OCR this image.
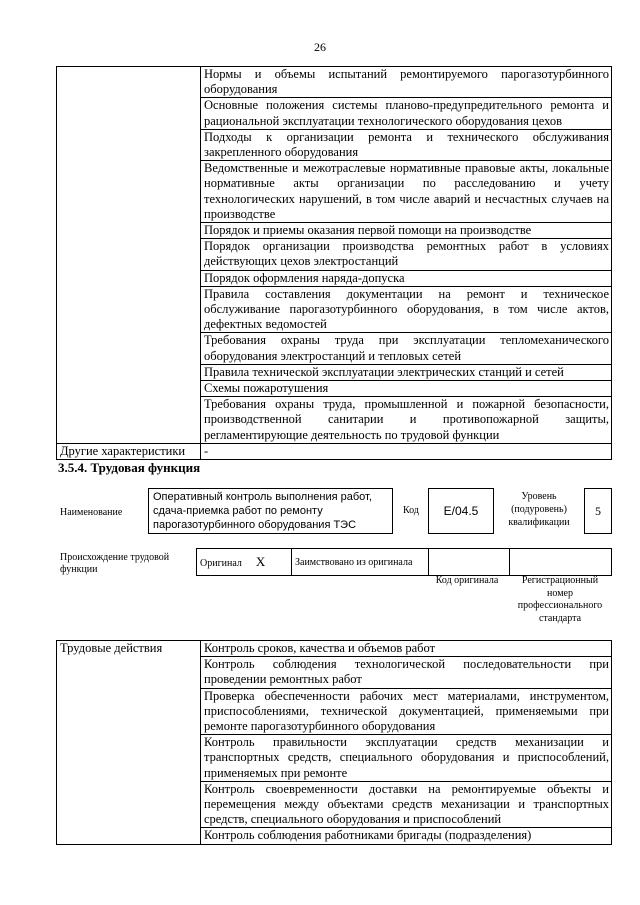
26
	Нормы и объемы испытаний ремонтируемого парогазотурбинного оборудования
	Основные положения системы планово-предупредительного ремонта и рациональной эксплуатации технологического оборудования цехов
	Подходы к организации ремонта и технического обслуживания закрепленного оборудования
	Ведомственные и межотраслевые нормативные правовые акты, локальные нормативные акты организации по расследованию и учету технологических нарушений, в том числе аварий и несчастных случаев на производстве
	Порядок и приемы оказания первой помощи на производстве
	Порядок организации производства ремонтных работ в условиях действующих цехов электростанций
	Порядок оформления наряда-допуска
	Правила составления документации на ремонт и техническое обслуживание парогазотурбинного оборудования, в том числе актов, дефектных ведомостей
	Требования охраны труда при эксплуатации тепломеханического оборудования электростанций и тепловых сетей
	Правила технической эксплуатации электрических станций и сетей
	Схемы пожаротушения
	Требования охраны труда, промышленной и пожарной безопасности, производственной санитарии и противопожарной защиты, регламентирующие деятельность по трудовой функции
Другие характеристики	-
3.5.4. Трудовая функция
Наименование
Оперативный контроль выполнения работ, сдача-приемка работ по ремонту парогазотурбинного оборудования ТЭС
Код	E/04.5
Уровень (подуровень) квалификации
5
Происхождение трудовой функции
Оригинал X	Заимствовано из оригинала		
Код оригинала	Регистрационный номер профессионального стандарта
Трудовые действия	Контроль сроков, качества и объемов работ
Контроль соблюдения технологической последовательности при проведении ремонтных работ
Проверка обеспеченности рабочих мест материалами, инструментом, приспособлениями, технической документацией, применяемыми при ремонте парогазотурбинного оборудования
Контроль правильности эксплуатации средств механизации и транспортных средств, специального оборудования и приспособлений, применяемых при ремонте
Контроль своевременности доставки на ремонтируемые объекты и перемещения между объектами средств механизации и транспортных средств, специального оборудования и приспособлений
Контроль соблюдения работниками бригады (подразделения)
